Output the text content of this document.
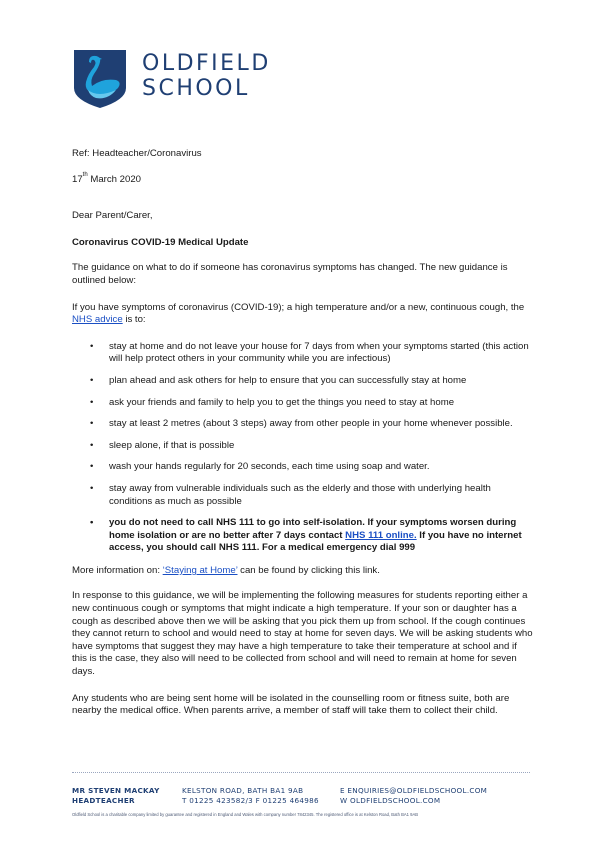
OLDFIELD
SCHOOL

Ref: Headteacher/Coronavirus

17th March 2020

Dear Parent/Carer,

Coronavirus COVID-19 Medical Update

The guidance on what to do if someone has coronavirus symptoms has changed. The new guidance is outlined below:

If you have symptoms of coronavirus (COVID-19); a high temperature and/or a new, continuous cough, the NHS advice is to:

• stay at home and do not leave your house for 7 days from when your symptoms started (this action will help protect others in your community while you are infectious)
• plan ahead and ask others for help to ensure that you can successfully stay at home
• ask your friends and family to help you to get the things you need to stay at home
• stay at least 2 metres (about 3 steps) away from other people in your home whenever possible.
• sleep alone, if that is possible
• wash your hands regularly for 20 seconds, each time using soap and water.
• stay away from vulnerable individuals such as the elderly and those with underlying health conditions as much as possible
• you do not need to call NHS 111 to go into self-isolation. If your symptoms worsen during home isolation or are no better after 7 days contact NHS 111 online. If you have no internet access, you should call NHS 111. For a medical emergency dial 999

More information on: ‘Staying at Home’ can be found by clicking this link.

In response to this guidance, we will be implementing the following measures for students reporting either a new continuous cough or symptoms that might indicate a high temperature. If your son or daughter has a cough as described above then we will be asking that you pick them up from school. If the cough continues they cannot return to school and would need to stay at home for seven days. We will be asking students who have symptoms that suggest they may have a high temperature to take their temperature at school and if this is the case, they also will need to be collected from school and will need to remain at home for seven days.

Any students who are being sent home will be isolated in the counselling room or fitness suite, both are nearby the medical office. When parents arrive, a member of staff will take them to collect their child.

MR STEVEN MACKAY
HEADTEACHER
KELSTON ROAD, BATH BA1 9AB
T 01225 423582/3 F 01225 464986
E ENQUIRIES@OLDFIELDSCHOOL.COM
W OLDFIELDSCHOOL.COM
Oldfield School is a charitable company limited by guarantee and registered in England and Wales with company number 7842345. The registered office is at Kelston Road, Bath BA1 9AB
